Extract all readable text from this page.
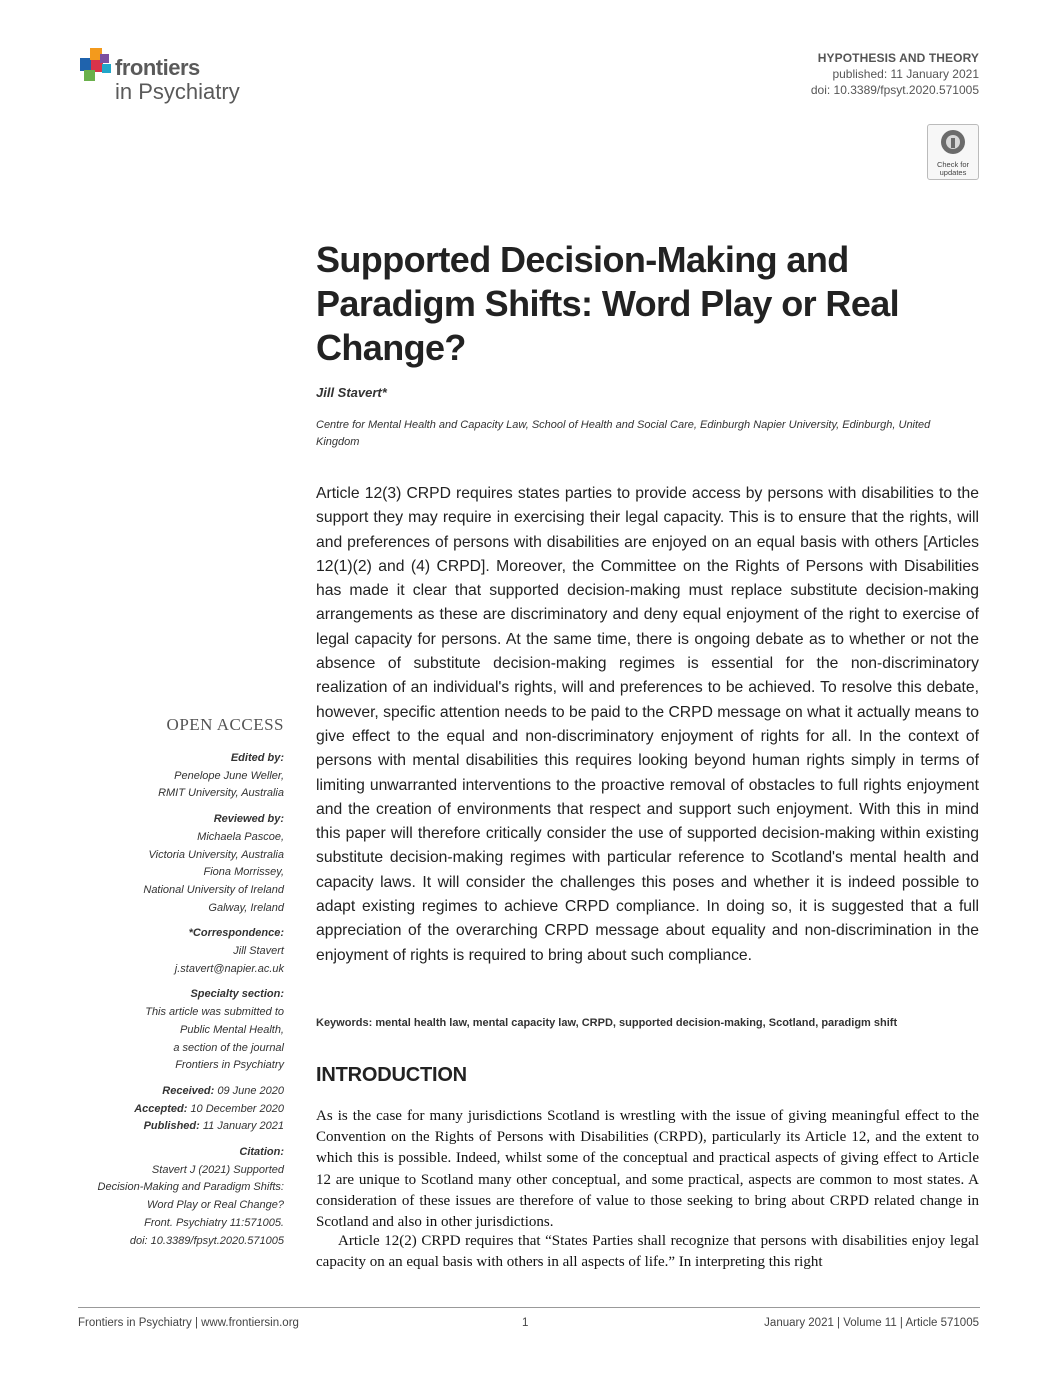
frontiers
in Psychiatry
HYPOTHESIS AND THEORY
published: 11 January 2021
doi: 10.3389/fpsyt.2020.571005
Check for updates
Supported Decision-Making and Paradigm Shifts: Word Play or Real Change?
Jill Stavert*
Centre for Mental Health and Capacity Law, School of Health and Social Care, Edinburgh Napier University, Edinburgh, United Kingdom

Article 12(3) CRPD requires states parties to provide access by persons with disabilities to the support they may require in exercising their legal capacity. This is to ensure that the rights, will and preferences of persons with disabilities are enjoyed on an equal basis with others [Articles 12(1)(2) and (4) CRPD]. Moreover, the Committee on the Rights of Persons with Disabilities has made it clear that supported decision-making must replace substitute decision-making arrangements as these are discriminatory and deny equal enjoyment of the right to exercise of legal capacity for persons. At the same time, there is ongoing debate as to whether or not the absence of substitute decision-making regimes is essential for the non-discriminatory realization of an individual's rights, will and preferences to be achieved. To resolve this debate, however, specific attention needs to be paid to the CRPD message on what it actually means to give effect to the equal and non-discriminatory enjoyment of rights for all. In the context of persons with mental disabilities this requires looking beyond human rights simply in terms of limiting unwarranted interventions to the proactive removal of obstacles to full rights enjoyment and the creation of environments that respect and support such enjoyment. With this in mind this paper will therefore critically consider the use of supported decision-making within existing substitute decision-making regimes with particular reference to Scotland's mental health and capacity laws. It will consider the challenges this poses and whether it is indeed possible to adapt existing regimes to achieve CRPD compliance. In doing so, it is suggested that a full appreciation of the overarching CRPD message about equality and non-discrimination in the enjoyment of rights is required to bring about such compliance.

Keywords: mental health law, mental capacity law, CRPD, supported decision-making, Scotland, paradigm shift
INTRODUCTION

As is the case for many jurisdictions Scotland is wrestling with the issue of giving meaningful effect to the Convention on the Rights of Persons with Disabilities (CRPD), particularly its Article 12, and the extent to which this is possible. Indeed, whilst some of the conceptual and practical aspects of giving effect to Article 12 are unique to Scotland many other conceptual, and some practical, aspects are common to most states. A consideration of these issues are therefore of value to those seeking to bring about CRPD related change in Scotland and also in other jurisdictions.

Article 12(2) CRPD requires that “States Parties shall recognize that persons with disabilities enjoy legal capacity on an equal basis with others in all aspects of life.” In interpreting this right

OPEN ACCESS
Edited by:
Penelope June Weller,
RMIT University, Australia
Reviewed by:
Michaela Pascoe,
Victoria University, Australia
Fiona Morrissey,
National University of Ireland
Galway, Ireland
*Correspondence:
Jill Stavert
j.stavert@napier.ac.uk
Specialty section:
This article was submitted to
Public Mental Health,
a section of the journal
Frontiers in Psychiatry
Received: 09 June 2020
Accepted: 10 December 2020
Published: 11 January 2021
Citation:
Stavert J (2021) Supported
Decision-Making and Paradigm Shifts:
Word Play or Real Change?
Front. Psychiatry 11:571005.
doi: 10.3389/fpsyt.2020.571005
Frontiers in Psychiatry | www.frontiersin.org	1	January 2021 | Volume 11 | Article 571005
